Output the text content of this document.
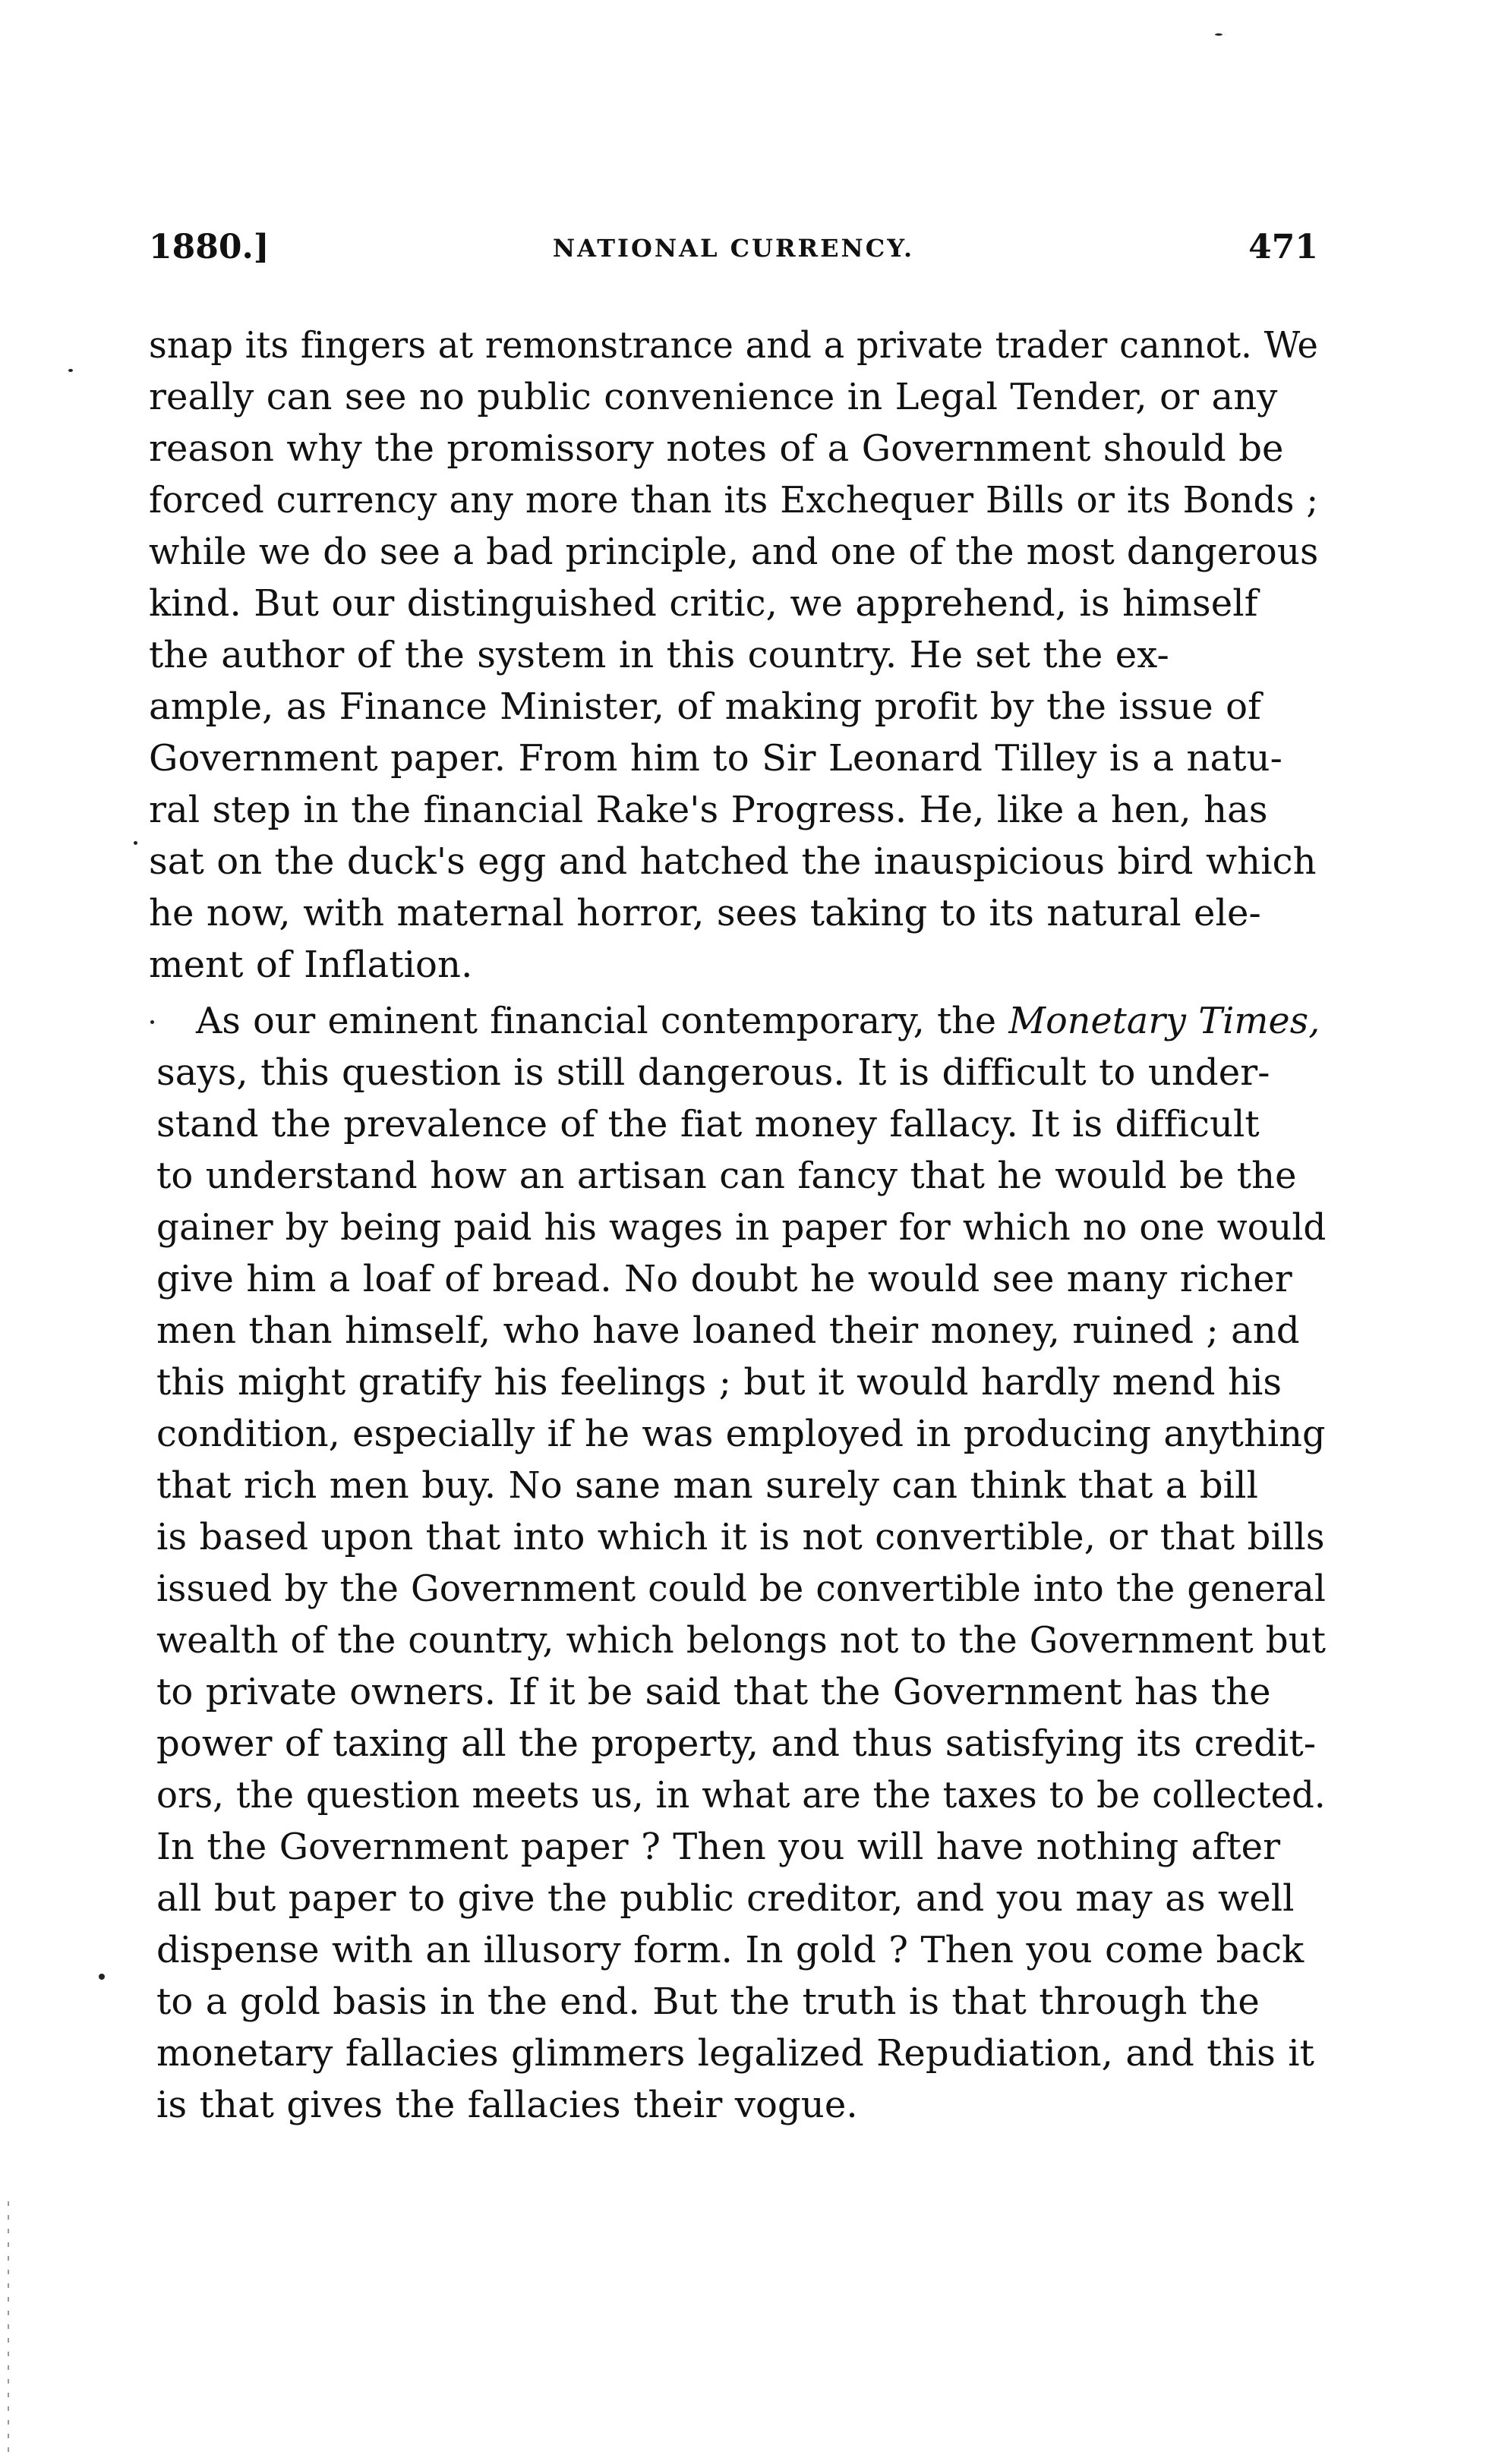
1880.]	NATIONAL CURRENCY.	471
snap its fingers at remonstrance and a private trader cannot. We
really can see no public convenience in Legal Tender, or any
reason why the promissory notes of a Government should be
forced currency any more than its Exchequer Bills or its Bonds ;
while we do see a bad principle, and one of the most dangerous
kind. But our distinguished critic, we apprehend, is himself
the author of the system in this country. He set the ex-
ample, as Finance Minister, of making profit by the issue of
Government paper. From him to Sir Leonard Tilley is a natu-
ral step in the financial Rake's Progress. He, like a hen, has
sat on the duck's egg and hatched the inauspicious bird which
he now, with maternal horror, sees taking to its natural ele-
ment of Inflation.
As our eminent financial contemporary, the Monetary Times,
says, this question is still dangerous. It is difficult to under-
stand the prevalence of the fiat money fallacy. It is difficult
to understand how an artisan can fancy that he would be the
gainer by being paid his wages in paper for which no one would
give him a loaf of bread. No doubt he would see many richer
men than himself, who have loaned their money, ruined ; and
this might gratify his feelings ; but it would hardly mend his
condition, especially if he was employed in producing anything
that rich men buy. No sane man surely can think that a bill
is based upon that into which it is not convertible, or that bills
issued by the Government could be convertible into the general
wealth of the country, which belongs not to the Government but
to private owners. If it be said that the Government has the
power of taxing all the property, and thus satisfying its credit-
ors, the question meets us, in what are the taxes to be collected.
In the Government paper ? Then you will have nothing after
all but paper to give the public creditor, and you may as well
dispense with an illusory form. In gold ? Then you come back
to a gold basis in the end. But the truth is that through the
monetary fallacies glimmers legalized Repudiation, and this it
is that gives the fallacies their vogue.
